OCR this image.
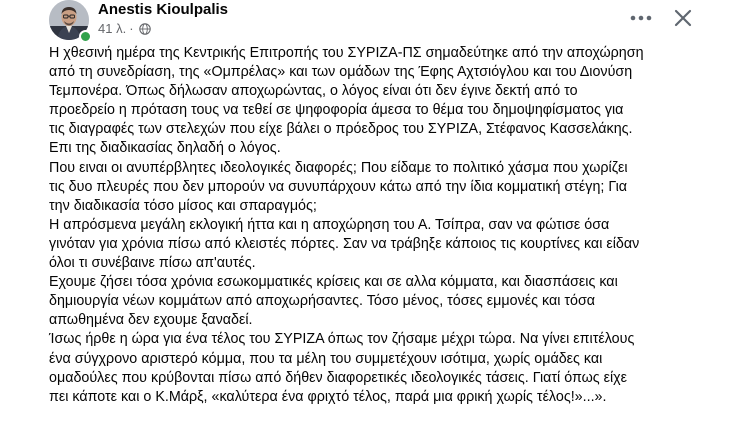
Anestis Kioulpalis
41 λ. ·

Η χθεσινή ημέρα της Κεντρικής Επιτροπής του ΣΥΡΙΖΑ-ΠΣ σημαδεύτηκε από την αποχώρηση

από τη συνεδρίαση, της «Ομπρέλας» και των ομάδων της Έφης Αχτσιόγλου και του Διονύση

Τεμπονέρα. Όπως δήλωσαν αποχωρώντας, ο λόγος είναι ότι δεν έγινε δεκτή από το

προεδρείο η πρόταση τους να τεθεί σε ψηφοφορία άμεσα το θέμα του δημοψηφίσματος για

τις διαγραφές των στελεχών που είχε βάλει ο πρόεδρος του ΣΥΡΙΖΑ, Στέφανος Κασσελάκης.

Επι της διαδικασίας δηλαδή ο λόγος.

Που ειναι οι ανυπέρβλητες ιδεολογικές διαφορές; Που είδαμε το πολιτικό χάσμα που χωρίζει

τις δυο πλευρές που δεν μπορούν να συνυπάρχουν κάτω από την ίδια κομματική στέγη; Για

την διαδικασία τόσο μίσος και σπαραγμός;

Η απρόσμενα μεγάλη εκλογική ήττα και η αποχώρηση του Α. Τσίπρα, σαν να φώτισε όσα

γινόταν για χρόνια πίσω από κλειστές πόρτες. Σαν να τράβηξε κάποιος τις κουρτίνες και είδαν

όλοι τι συνέβαινε πίσω απ'αυτές.

Εχουμε ζήσει τόσα χρόνια εσωκομματικές κρίσεις και σε αλλα κόμματα, και διασπάσεις και

δημιουργία νέων κομμάτων από αποχωρήσαντες. Τόσο μένος, τόσες εμμονές και τόσα

απωθημένα δεν εχουμε ξαναδεί.

Ίσως ήρθε η ώρα για ένα τέλος του ΣΥΡΙΖΑ όπως τον ζήσαμε μέχρι τώρα. Να γίνει επιτέλους

ένα σύγχρονο αριστερό κόμμα, που τα μέλη του συμμετέχουν ισότιμα, χωρίς ομάδες και

ομαδούλες που κρύβονται πίσω από δήθεν διαφορετικές ιδεολογικές τάσεις. Γιατί όπως είχε

πει κάποτε και ο Κ.Μάρξ, «καλύτερα ένα φριχτό τέλος, παρά μια φρική χωρίς τέλος!»...».
